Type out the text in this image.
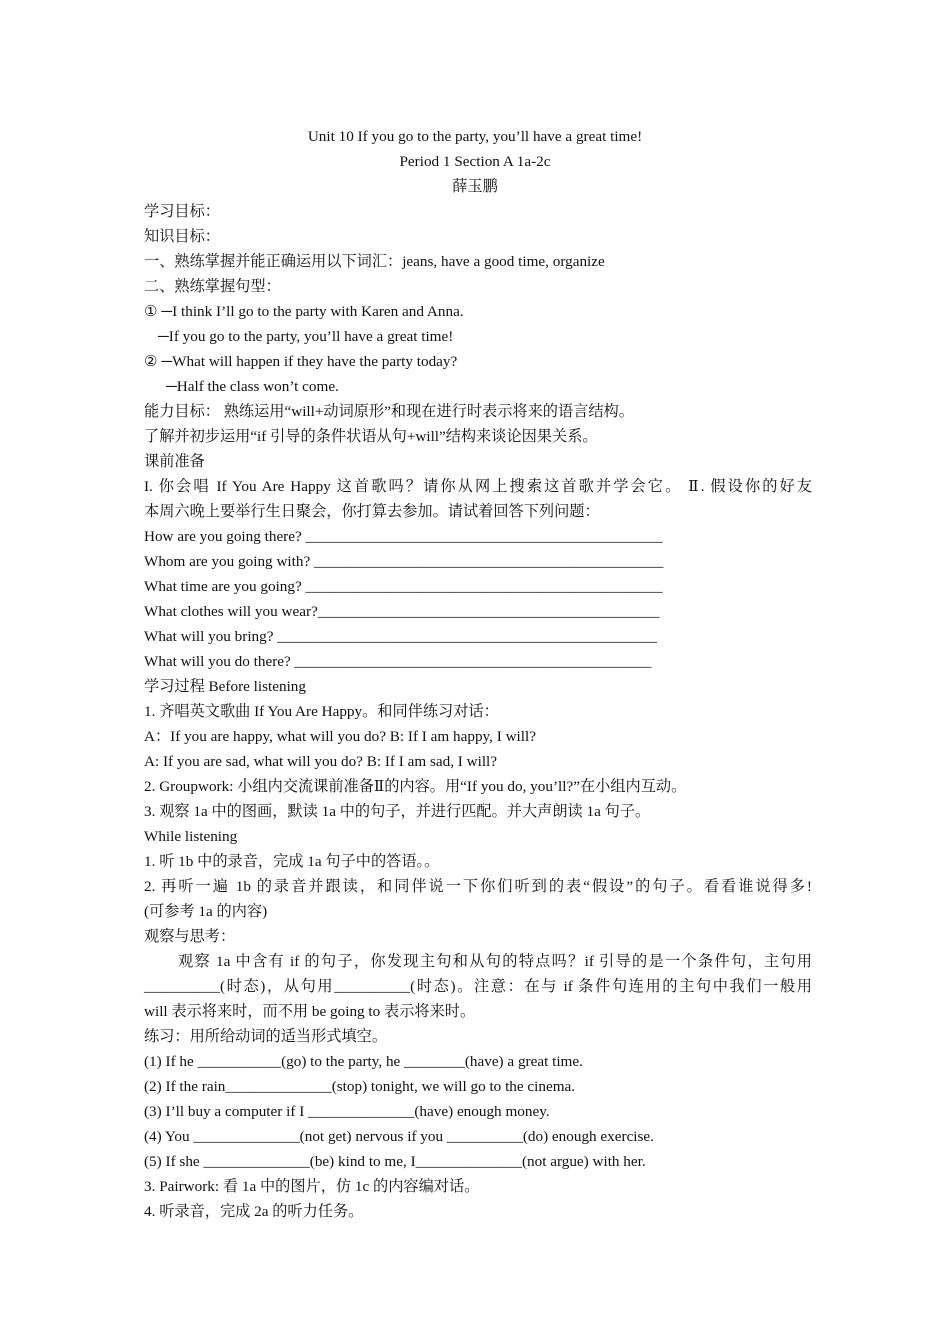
Unit 10 If you go to the party, you’ll have a great time!
Period 1 Section A 1a-2c
薛玉鹏
学习目标：
知识目标：
一、熟练掌握并能正确运用以下词汇：jeans, have a good time, organize
二、熟练掌握句型：
① ─I think I’ll go to the party with Karen and Anna.
─If you go to the party, you’ll have a great time!
② ─What will happen if they have the party today?
─Half the class won’t come.
能力目标： 熟练运用“will+动词原形”和现在进行时表示将来的语言结构。
了解并初步运用“if 引导的条件状语从句+will”结构来谈论因果关系。
课前准备
I. 你会唱 If You Are Happy 这首歌吗？请你从网上搜索这首歌并学会它。 Ⅱ. 假设你的好友
本周六晚上要举行生日聚会，你打算去参加。请试着回答下列问题：
How are you going there? _______________________________________________
Whom are you going with? ______________________________________________
What time are you going? _______________________________________________
What clothes will you wear?_____________________________________________
What will you bring? __________________________________________________
What will you do there? _______________________________________________
学习过程 Before listening
1. 齐唱英文歌曲 If You Are Happy。和同伴练习对话：
A：If you are happy, what will you do? B: If I am happy, I will?
A: If you are sad, what will you do? B: If I am sad, I will?
2. Groupwork: 小组内交流课前准备Ⅱ的内容。用“If you do, you’ll?”在小组内互动。
3. 观察 1a 中的图画，默读 1a 中的句子，并进行匹配。并大声朗读 1a 句子。
While listening
1. 听 1b 中的录音，完成 1a 句子中的答语。。
2. 再听一遍 1b 的录音并跟读，和同伴说一下你们听到的表“假设”的句子。看看谁说得多!
(可参考 1a 的内容)
观察与思考：
观察 1a 中含有 if 的句子，你发现主句和从句的特点吗？if 引导的是一个条件句，主句用
__________(时态)，从句用__________(时态)。注意：在与 if 条件句连用的主句中我们一般用
will 表示将来时，而不用 be going to 表示将来时。
练习：用所给动词的适当形式填空。
(1) If he ___________(go) to the party, he ________(have) a great time.
(2) If the rain______________(stop) tonight, we will go to the cinema.
(3) I’ll buy a computer if I ______________(have) enough money.
(4) You ______________(not get) nervous if you __________(do) enough exercise.
(5) If she ______________(be) kind to me, I______________(not argue) with her.
3. Pairwork: 看 1a 中的图片，仿 1c 的内容编对话。
4. 听录音，完成 2a 的听力任务。
